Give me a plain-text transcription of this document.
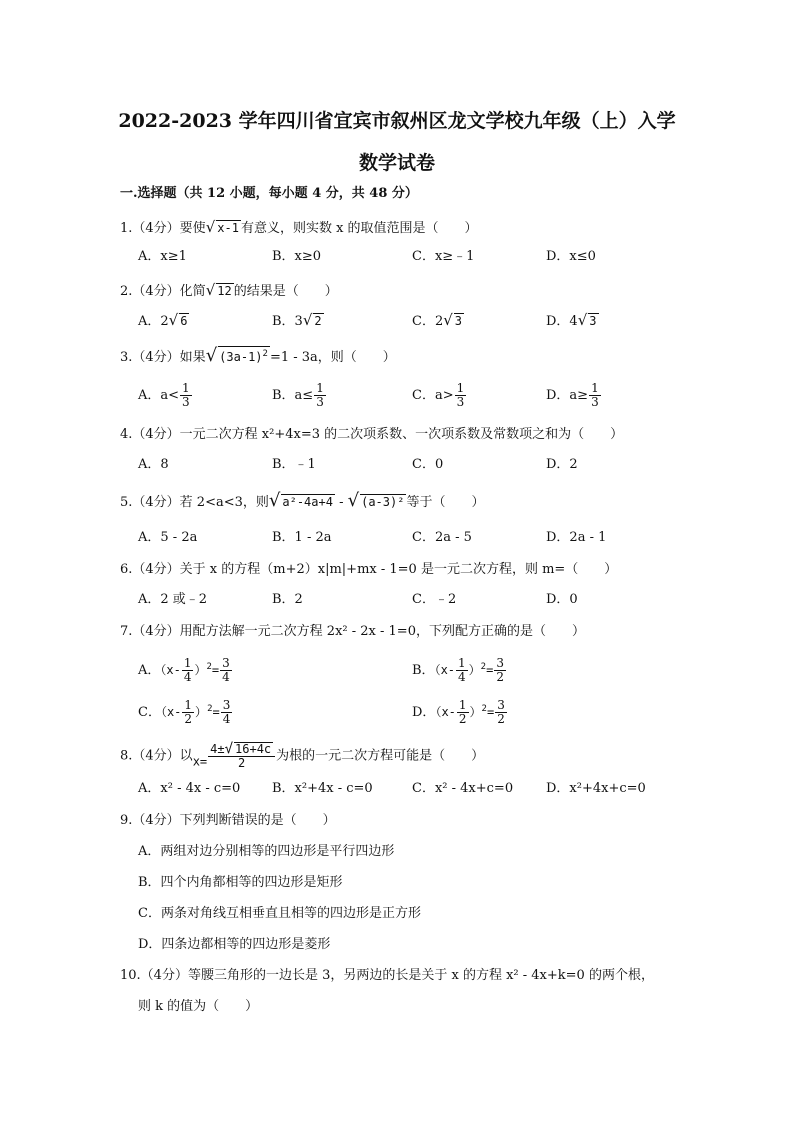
2022-2023 学年四川省宜宾市叙州区龙文学校九年级（上）入学
数学试卷
一.选择题（共 12 小题，每小题 4 分，共 48 分）
1.（4分）要使√ x-1 有意义，则实数 x 的取值范围是（　　）
A．x≥1	B．x≥0	C．x≥﹣1	D．x≤0
2.（4分）化简√ 12 的结果是（　　）
A．2√ 6	B．3√ 2	C．2√ 3	D．4√ 3
3.（4分）如果√ $(3a-1)^2 =1 - 3a$，则（　　）
A．$a< \frac{1}{3}$	B．$a\le \frac{1}{3}$	C．$a> \frac{1}{3}$	D．$a\ge \frac{1}{3}$
4.（4分）一元二次方程 x²+4x=3 的二次项系数、一次项系数及常数项之和为（　　）
A．8	B．﹣1	C．0	D．2
5.（4分）若 2<a<3，则√ a²-4a+4 - √ (a-3)² 等于（　　）
A．5 - 2a	B．1 - 2a	C．2a - 5	D．2a - 1
6.（4分）关于 x 的方程（m+2）x|m|+mx - 1=0 是一元二次方程，则 m=（　　）
A．2 或﹣2	B．2	C．﹣2	D．0
7.（4分）用配方法解一元二次方程 2x² - 2x - 1=0，下列配方正确的是（　　）
A．$(x- \frac{1}{4} )^2= \frac{3}{4}$	B．$(x- \frac{1}{4} )^2= \frac{3}{2}$
C．$(x- \frac{1}{2} )^2= \frac{3}{4}$	D．$(x- \frac{1}{2} )^2= \frac{3}{2}$
8.（4分）以$x= \frac{4\pm√ 16+4c}{2}$ 为根的一元二次方程可能是（　　）
A．x² - 4x - c=0 B．x²+4x - c=0	C．x² - 4x+c=0	D．x²+4x+c=0
9.（4分）下列判断错误的是（　　）
A．两组对边分别相等的四边形是平行四边形
B．四个内角都相等的四边形是矩形
C．两条对角线互相垂直且相等的四边形是正方形
D．四条边都相等的四边形是菱形
10.（4分）等腰三角形的一边长是 3，另两边的长是关于 x 的方程 x² - 4x+k=0 的两个根，
则 k 的值为（　　）
